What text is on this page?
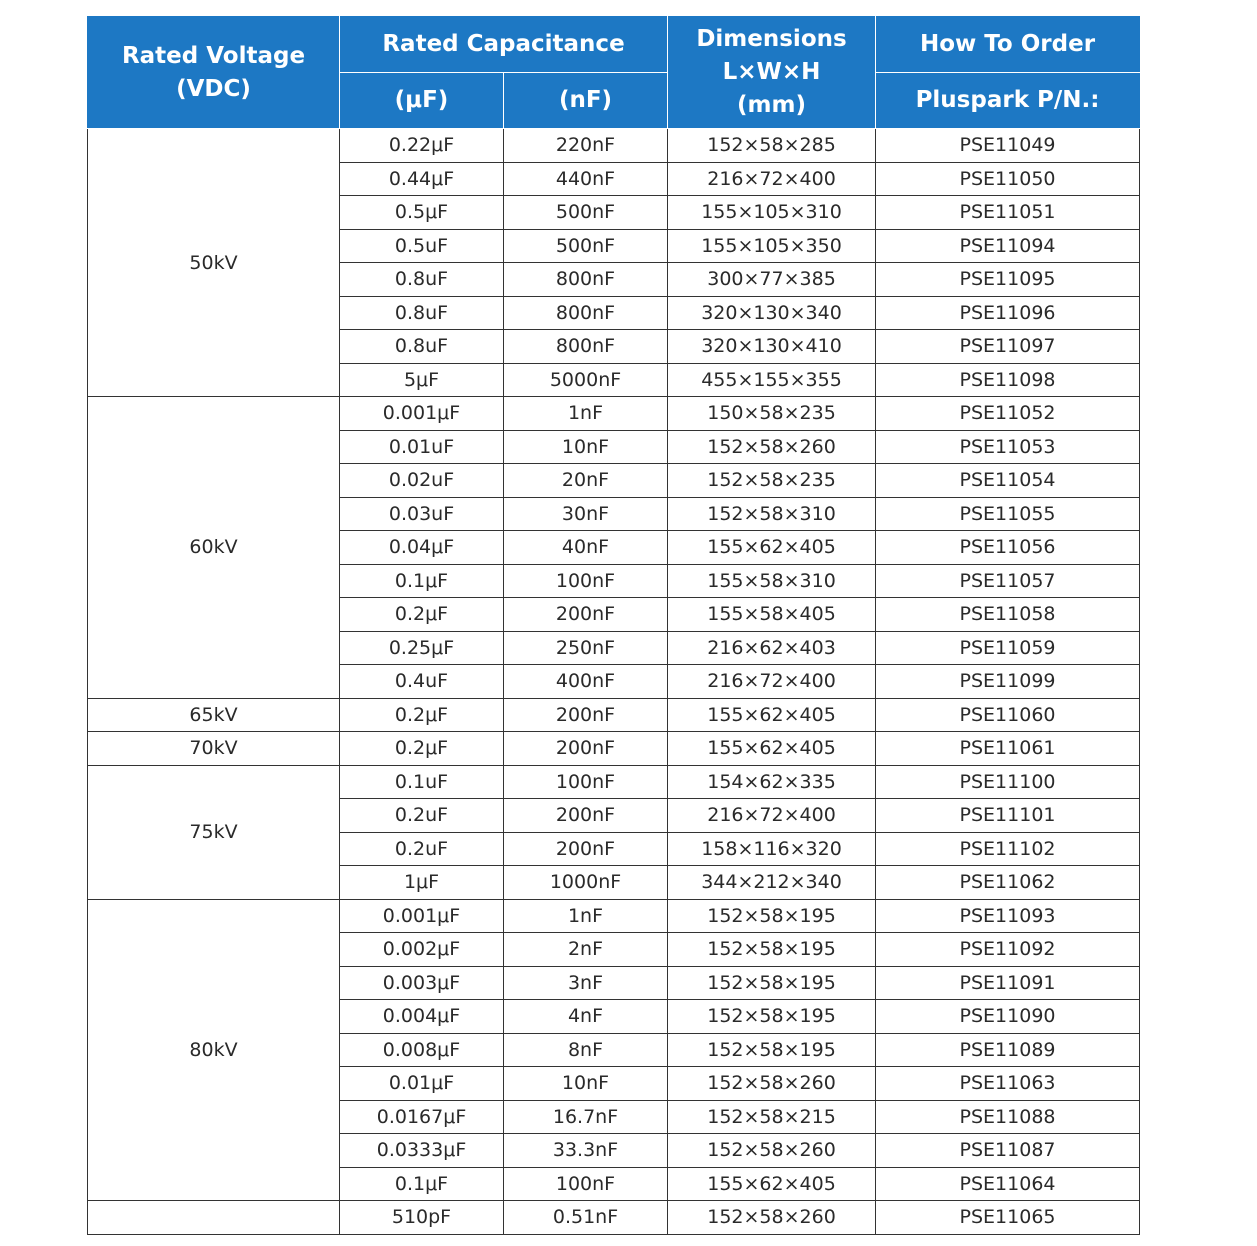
Rated Voltage
(VDC)	Rated Capacitance		Dimensions
L×W×H
(mm)	How To Order
	(μF)	(nF)		Pluspark P/N.:
50kV	0.22μF	220nF	152×58×285	PSE11049
	0.44μF	440nF	216×72×400	PSE11050
	0.5μF	500nF	155×105×310	PSE11051
	0.5uF	500nF	155×105×350	PSE11094
	0.8uF	800nF	300×77×385	PSE11095
	0.8uF	800nF	320×130×340	PSE11096
	0.8uF	800nF	320×130×410	PSE11097
	5μF	5000nF	455×155×355	PSE11098
60kV	0.001μF	1nF	150×58×235	PSE11052
	0.01uF	10nF	152×58×260	PSE11053
	0.02uF	20nF	152×58×235	PSE11054
	0.03uF	30nF	152×58×310	PSE11055
	0.04μF	40nF	155×62×405	PSE11056
	0.1μF	100nF	155×58×310	PSE11057
	0.2μF	200nF	155×58×405	PSE11058
	0.25μF	250nF	216×62×403	PSE11059
	0.4uF	400nF	216×72×400	PSE11099
65kV	0.2μF	200nF	155×62×405	PSE11060
70kV	0.2μF	200nF	155×62×405	PSE11061
75kV	0.1uF	100nF	154×62×335	PSE11100
	0.2uF	200nF	216×72×400	PSE11101
	0.2uF	200nF	158×116×320	PSE11102
	1μF	1000nF	344×212×340	PSE11062
80kV	0.001μF	1nF	152×58×195	PSE11093
	0.002μF	2nF	152×58×195	PSE11092
	0.003μF	3nF	152×58×195	PSE11091
	0.004μF	4nF	152×58×195	PSE11090
	0.008μF	8nF	152×58×195	PSE11089
	0.01μF	10nF	152×58×260	PSE11063
	0.0167μF	16.7nF	152×58×215	PSE11088
	0.0333μF	33.3nF	152×58×260	PSE11087
	0.1μF	100nF	155×62×405	PSE11064
	510pF	0.51nF	152×58×260	PSE11065
